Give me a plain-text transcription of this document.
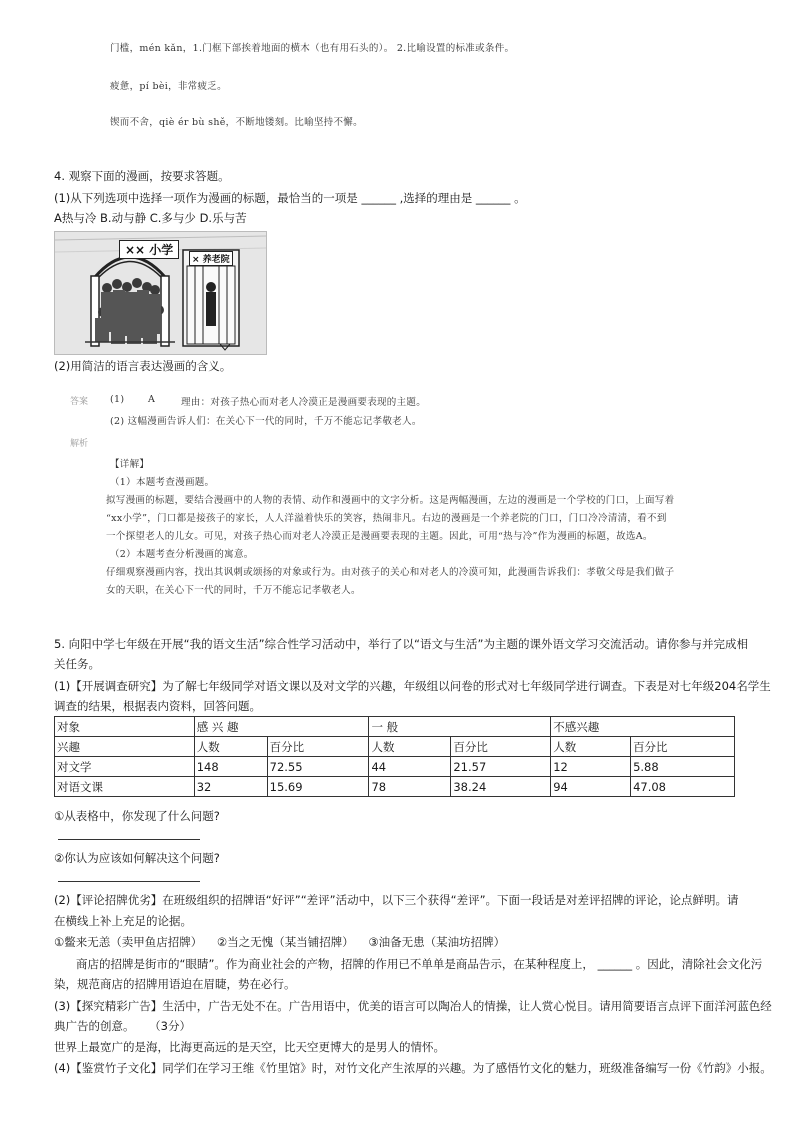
门槛，mén kǎn，1.门框下部挨着地面的横木（也有用石头的）。 2.比喻设置的标准或条件。
疲惫，pí bèi，非常疲乏。
锲而不舍，qiè ér bù shě，不断地镂刻。比喻坚持不懈。
4. 观察下面的漫画，按要求答题。
(1)从下列选项中选择一项作为漫画的标题，最恰当的一项是 ______ ,选择的理由是 ______ 。
A热与冷 B.动与静 C.多与少 D.乐与苦
×× 小学
× 养老院
(2)用简洁的语言表达漫画的含义。
答案 (1) A	理由：对孩子热心而对老人冷漠正是漫画要表现的主题。
(2) 这幅漫画告诉人们：在关心下一代的同时，千万不能忘记孝敬老人。
解析
【详解】
（1）本题考查漫画题。
拟写漫画的标题，要结合漫画中的人物的表情、动作和漫画中的文字分析。这是两幅漫画，左边的漫画是一个学校的门口，上面写着
“xx小学”，门口都是接孩子的家长，人人洋溢着快乐的笑容，热闹非凡。右边的漫画是一个养老院的门口，门口冷冷清清，看不到
一个探望老人的儿女。可见，对孩子热心而对老人冷漠正是漫画要表现的主题。因此，可用“热与冷”作为漫画的标题，故选A。
（2）本题考查分析漫画的寓意。
仔细观察漫画内容，找出其讽刺或颂扬的对象或行为。由对孩子的关心和对老人的冷漠可知，此漫画告诉我们：孝敬父母是我们做子
女的天职，在关心下一代的同时，千万不能忘记孝敬老人。
5. 向阳中学七年级在开展“我的语文生活”综合性学习活动中，举行了以“语文与生活”为主题的课外语文学习交流活动。请你参与并完成相
关任务。
(1)【开展调查研究】为了解七年级同学对语文课以及对文学的兴趣，年级组以问卷的形式对七年级同学进行调查。下表是对七年级204名学生
调查的结果，根据表内资料，回答问题。
对象	感 兴 趣		一 般		不感兴趣	
兴趣	人数	百分比	人数	百分比	人数	百分比
对文学	148	72.55	44	21.57	12	5.88
对语文课	32	15.69	78	38.24	94	47.08
①从表格中，你发现了什么问题?
②你认为应该如何解决这个问题?
(2)【评论招牌优劣】在班级组织的招牌语“好评”“差评”活动中，以下三个获得“差评”。下面一段话是对差评招牌的评论，论点鲜明。请
在横线上补上充足的论据。
①鳖来无恙（卖甲鱼店招牌）    ②当之无愧（某当铺招牌）    ③油备无患（某油坊招牌）
商店的招牌是街市的“眼睛”。作为商业社会的产物，招牌的作用已不单单是商品告示，在某种程度上， ______ 。因此，清除社会文化污
染，规范商店的招牌用语迫在眉睫，势在必行。
(3)【探究精彩广告】生活中，广告无处不在。广告用语中，优美的语言可以陶冶人的情操，让人赏心悦目。请用简要语言点评下面洋河蓝色经
典广告的创意。    （3分）
世界上最宽广的是海，比海更高远的是天空，比天空更博大的是男人的情怀。
(4)【鉴赏竹子文化】同学们在学习王维《竹里馆》时，对竹文化产生浓厚的兴趣。为了感悟竹文化的魅力，班级准备编写一份《竹韵》小报。
